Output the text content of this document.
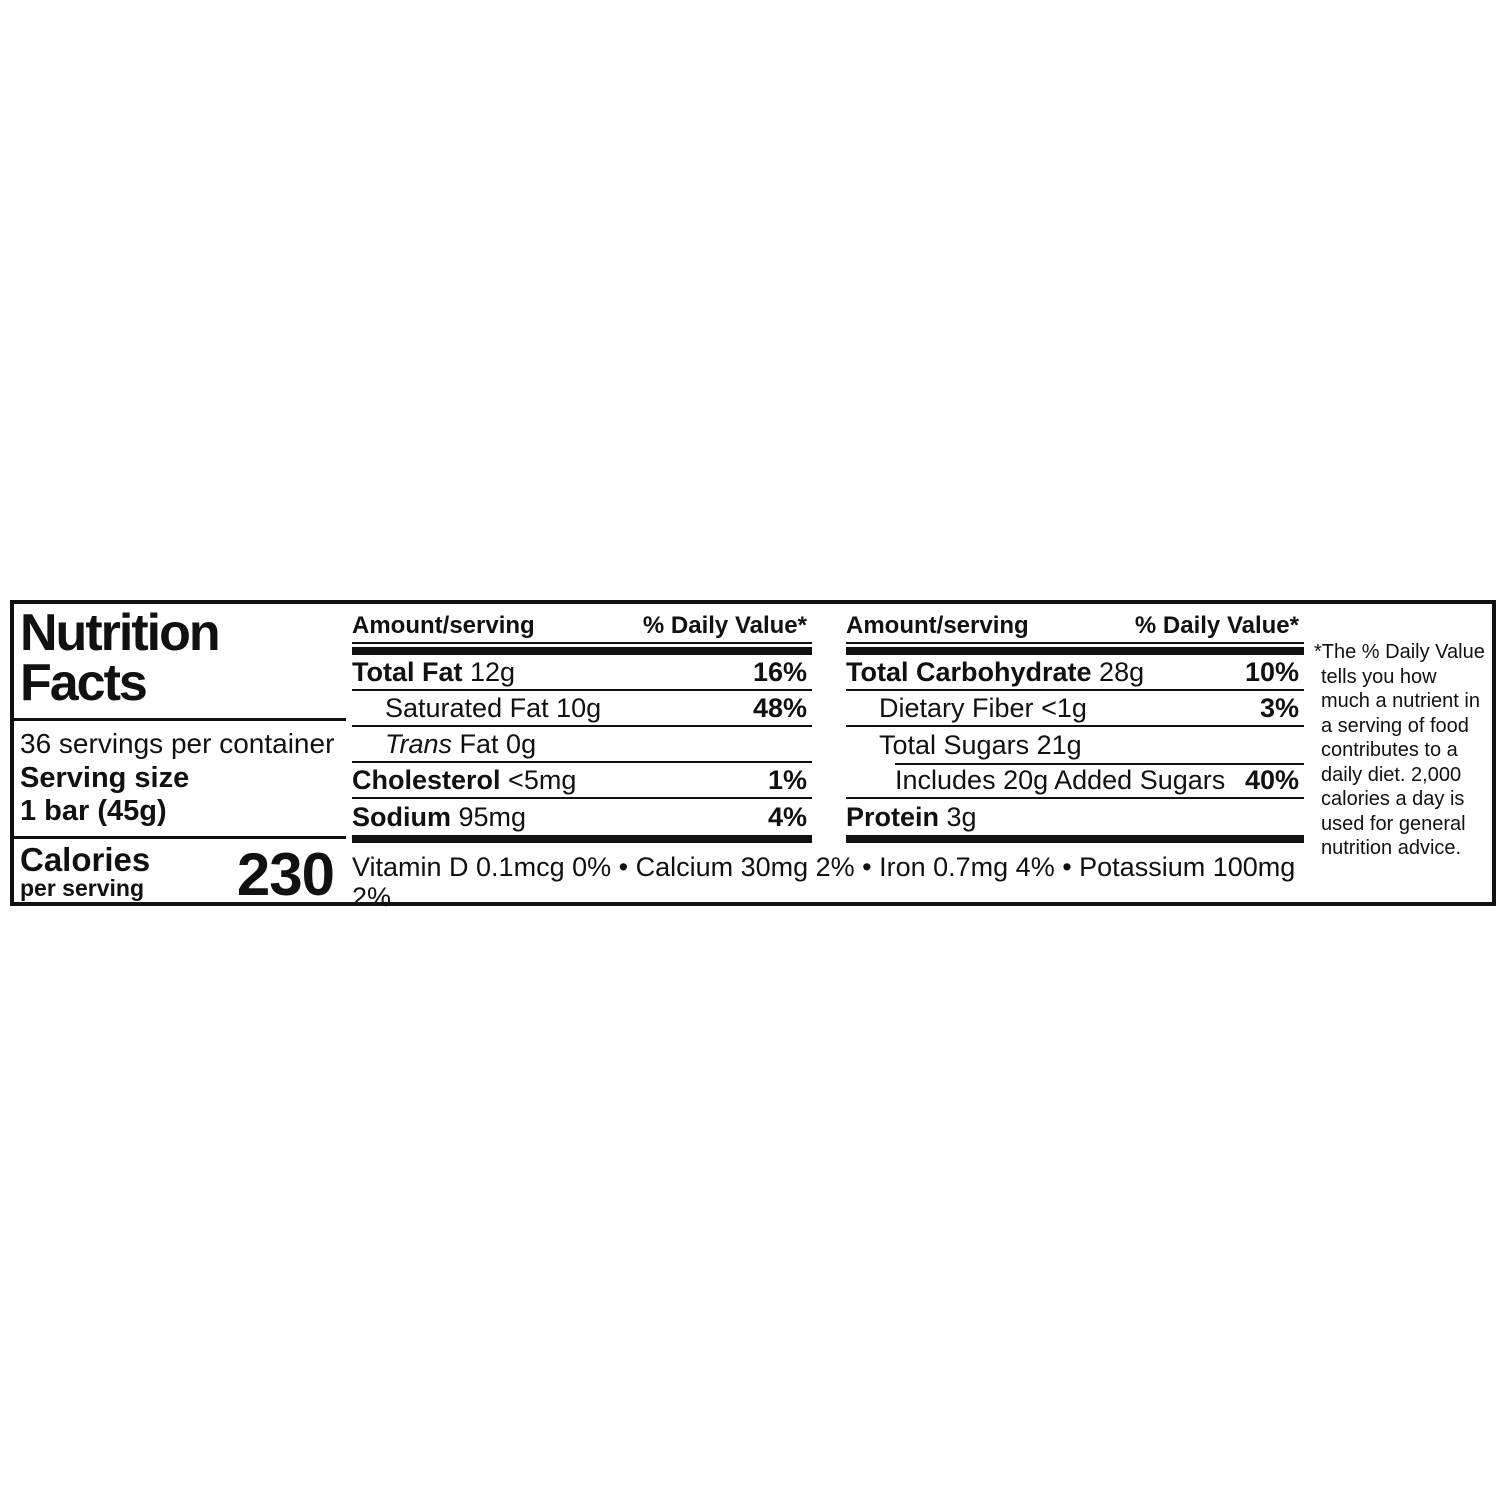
Nutrition Facts
36 servings per container
Serving size
1 bar (45g)
Calories
per serving 230
Amount/serving	% Daily Value*
Total Fat 12g	16%
Saturated Fat 10g	48%
Trans Fat 0g
Cholesterol <5mg	1%
Sodium 95mg	4%
Amount/serving	% Daily Value*
Total Carbohydrate 28g	10%
Dietary Fiber <1g	3%
Total Sugars 21g
Includes 20g Added Sugars 40%
Protein 3g
Vitamin D 0.1mcg 0% • Calcium 30mg 2% • Iron 0.7mg 4% • Potassium 100mg 2%
*The % Daily Value tells you how much a nutrient in a serving of food contributes to a daily diet. 2,000 calories a day is used for general nutrition advice.
